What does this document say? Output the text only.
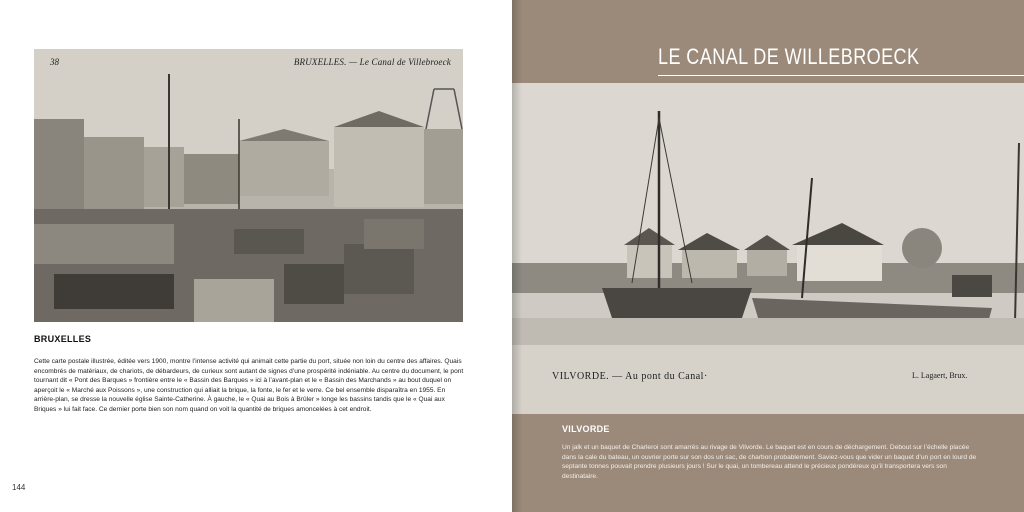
38	BRUXELLES. — Le Canal de Villebroeck
BRUXELLES
Cette carte postale illustrée, éditée vers 1900, montre l’intense activité qui animait cette partie du port, située non loin du centre des affaires. Quais encombrés de matériaux, de chariots, de débardeurs, de curieux sont autant de signes d’une prospérité indéniable. Au centre du document, le pont tournant dit « Pont des Barques » frontière entre le « Bassin des Barques » ici à l’avant-plan et le « Bassin des Marchands » au bout duquel on aperçoit le « Marché aux Poissons », une construction qui alliait la brique, la fonte, le fer et le verre. Ce bel ensemble disparaîtra en 1955. En arrière-plan, se dresse la nouvelle église Sainte-Catherine. À gauche, le « Quai au Bois à Brûler » longe les bassins tandis que le « Quai aux Briques » lui fait face. Ce dernier porte bien son nom quand on voit la quantité de briques amoncelées à cet endroit.
144
LE CANAL DE WILLEBROECK
VILVORDE. — Au pont du Canal·	L. Lagaert, Brux.
VILVORDE
Un jalk et un baquet de Charleroi sont amarrés au rivage de Vilvorde. Le baquet est en cours de déchargement. Debout sur l’échelle placée dans la cale du bateau, un ouvrier porte sur son dos un sac, de charbon probablement. Saviez-vous que vider un baquet d’un port en lourd de septante tonnes pouvait prendre plusieurs jours ! Sur le quai, un tombereau attend le précieux pondéreux qu’il transportera vers son destinataire.
